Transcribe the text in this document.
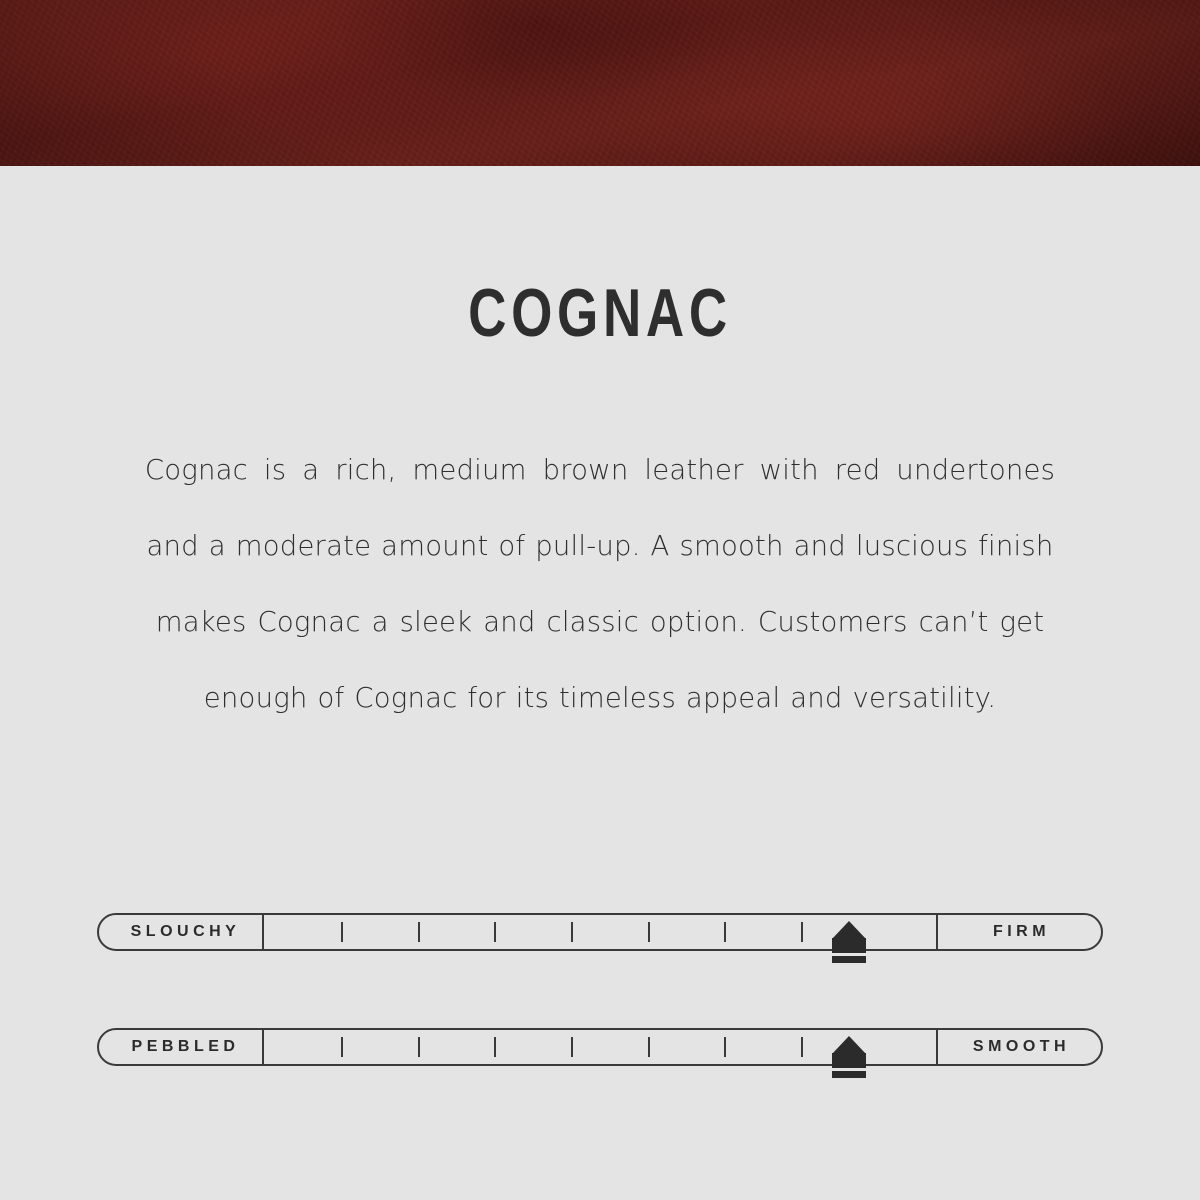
COGNAC

Cognac is a rich, medium brown leather with red undertones

and a moderate amount of pull-up. A smooth and luscious finish

makes Cognac a sleek and classic option. Customers can’t get

enough of Cognac for its timeless appeal and versatility.

SLOUCHY	FIRM
PEBBLED	SMOOTH
